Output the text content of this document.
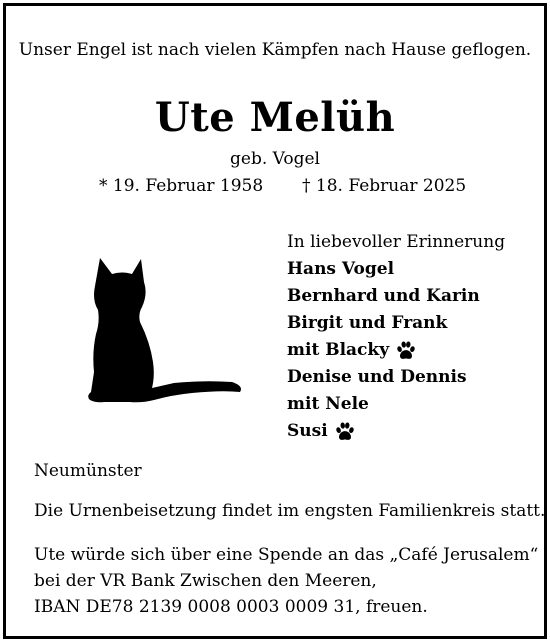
Unser Engel ist nach vielen Kämpfen nach Hause geflogen.
Ute Melüh
geb. Vogel
* 19. Februar 1958 † 18. Februar 2025
In liebevoller Erinnerung
Hans Vogel
Bernhard und Karin
Birgit und Frank
mit Blacky
Denise und Dennis
mit Nele
Susi
Neumünster
Die Urnenbeisetzung findet im engsten Familienkreis statt.
Ute würde sich über eine Spende an das „Café Jerusalem“
bei der VR Bank Zwischen den Meeren,
IBAN DE78 2139 0008 0003 0009 31, freuen.
